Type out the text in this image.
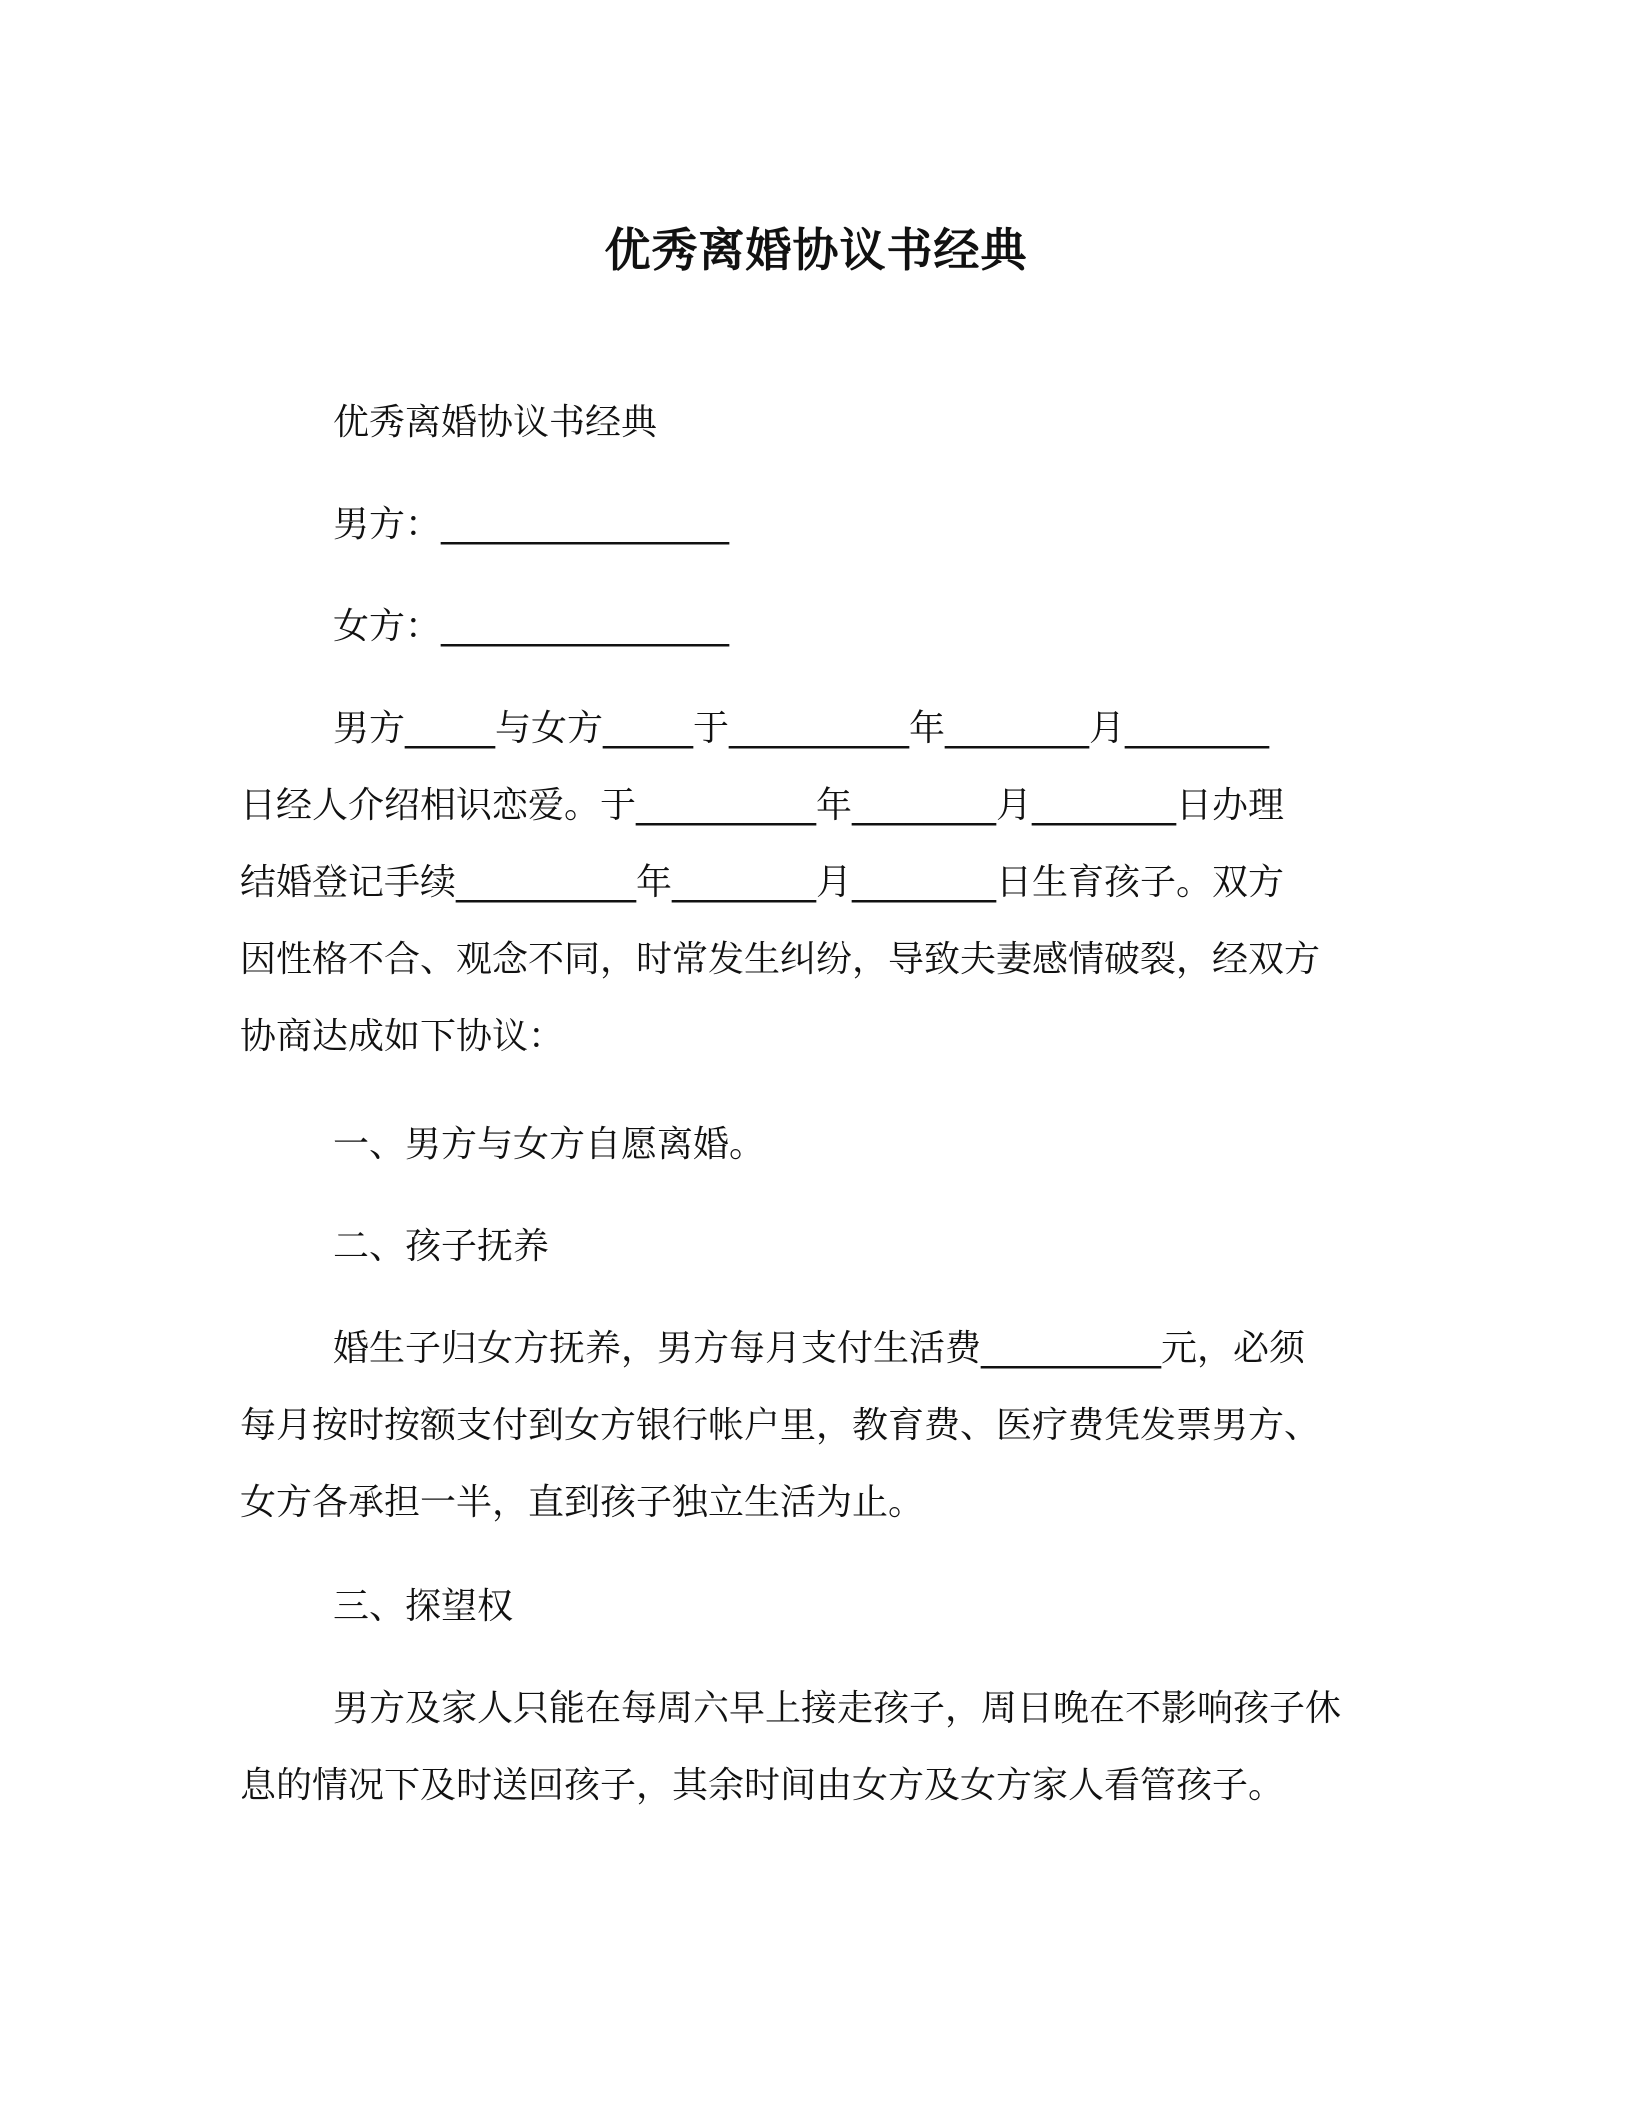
优秀离婚协议书经典

优秀离婚协议书经典

男方：________________

女方：________________

男方_____与女方_____于__________年________月________
日经人介绍相识恋爱。于__________年________月________日办理
结婚登记手续__________年________月________日生育孩子。双方
因性格不合、观念不同，时常发生纠纷，导致夫妻感情破裂，经双方
协商达成如下协议：

一、男方与女方自愿离婚。

二、孩子抚养

婚生子归女方抚养，男方每月支付生活费__________元，必须
每月按时按额支付到女方银行帐户里，教育费、医疗费凭发票男方、
女方各承担一半，直到孩子独立生活为止。

三、探望权

男方及家人只能在每周六早上接走孩子，周日晚在不影响孩子休
息的情况下及时送回孩子，其余时间由女方及女方家人看管孩子。
